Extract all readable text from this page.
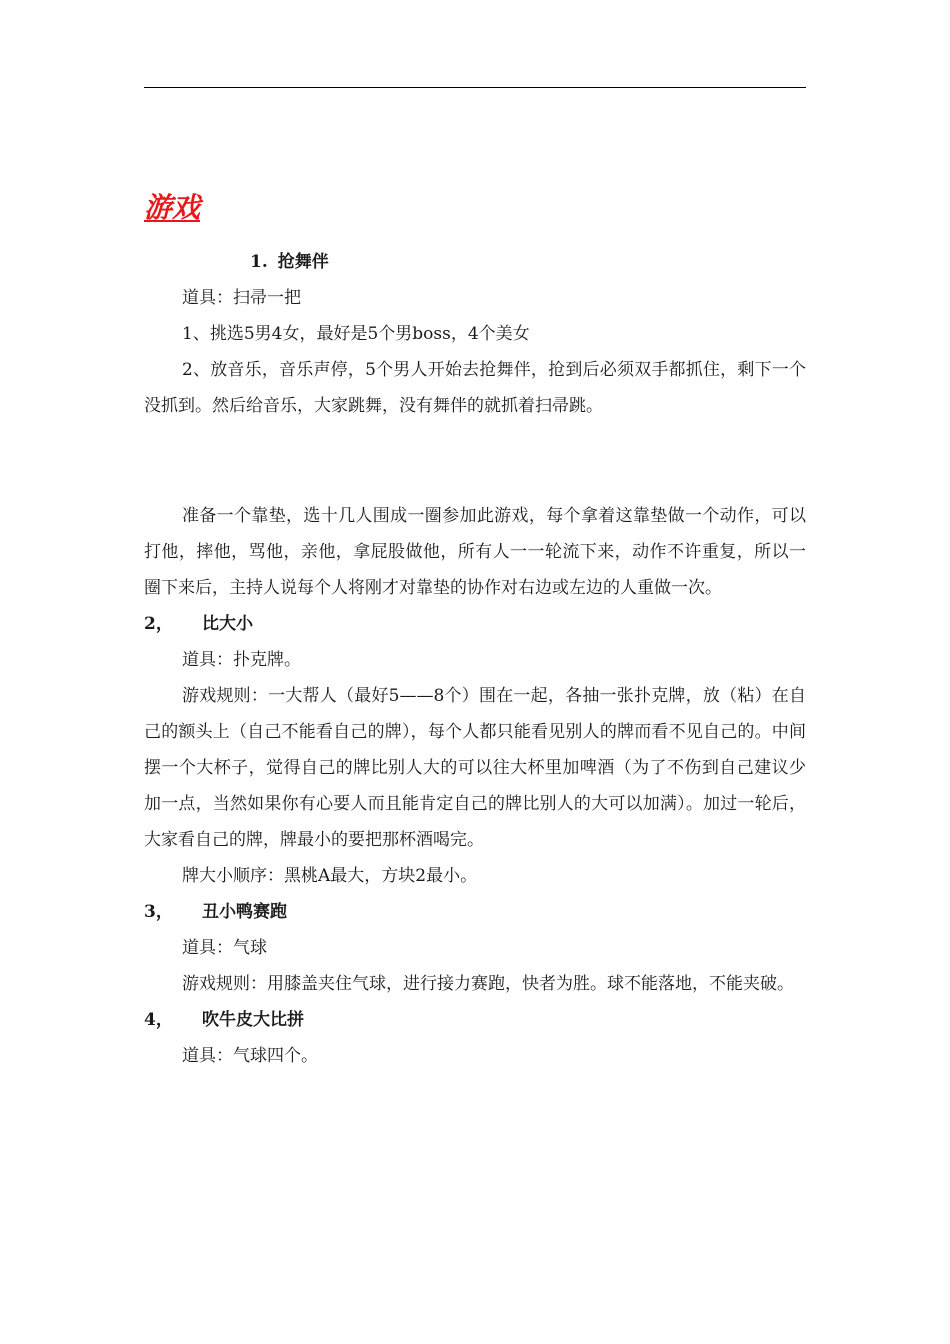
游戏
1. 抢舞伴

道具：扫帚一把

1、挑选5男4女，最好是5个男boss，4个美女

2、放音乐，音乐声停，5个男人开始去抢舞伴，抢到后必须双手都抓住，剩下一个没抓到。然后给音乐，大家跳舞，没有舞伴的就抓着扫帚跳。

准备一个靠垫，选十几人围成一圈参加此游戏，每个拿着这靠垫做一个动作，可以打他，摔他，骂他，亲他，拿屁股做他，所有人一一轮流下来，动作不许重复，所以一圈下来后，主持人说每个人将刚才对靠垫的协作对右边或左边的人重做一次。

2， 比大小

道具：扑克牌。

游戏规则：一大帮人（最好5——8个）围在一起，各抽一张扑克牌，放（粘）在自己的额头上（自己不能看自己的牌），每个人都只能看见别人的牌而看不见自己的。中间摆一个大杯子，觉得自己的牌比别人大的可以往大杯里加啤酒（为了不伤到自己建议少加一点，当然如果你有心要人而且能肯定自己的牌比别人的大可以加满）。加过一轮后，大家看自己的牌，牌最小的要把那杯酒喝完。

牌大小顺序：黑桃A最大，方块2最小。

3， 丑小鸭赛跑

道具：气球

游戏规则：用膝盖夹住气球，进行接力赛跑，快者为胜。球不能落地，不能夹破。

4， 吹牛皮大比拼

道具：气球四个。
